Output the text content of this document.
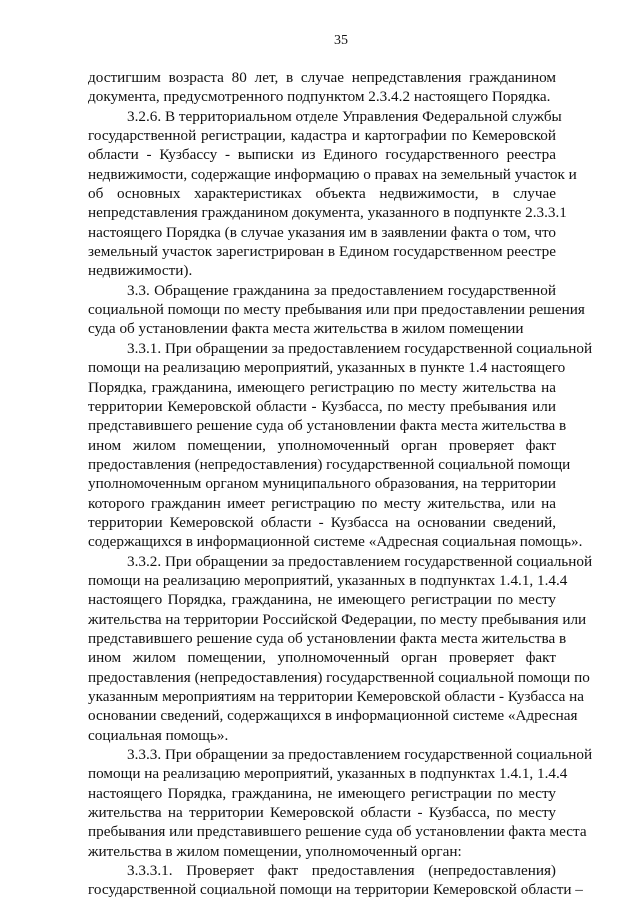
35
достигшим возраста 80 лет, в случае непредставления гражданином
документа, предусмотренного подпунктом 2.3.4.2 настоящего Порядка.
3.2.6. В территориальном отделе Управления Федеральной службы
государственной регистрации, кадастра и картографии по Кемеровской
области - Кузбассу - выписки из Единого государственного реестра
недвижимости, содержащие информацию о правах на земельный участок и
об основных характеристиках объекта недвижимости, в случае
непредставления гражданином документа, указанного в подпункте 2.3.3.1
настоящего Порядка (в случае указания им в заявлении факта о том, что
земельный участок зарегистрирован в Едином государственном реестре
недвижимости).
3.3. Обращение гражданина за предоставлением государственной
социальной помощи по месту пребывания или при предоставлении решения
суда об установлении факта места жительства в жилом помещении
3.3.1. При обращении за предоставлением государственной социальной
помощи на реализацию мероприятий, указанных в пункте 1.4 настоящего
Порядка, гражданина, имеющего регистрацию по месту жительства на
территории Кемеровской области - Кузбасса, по месту пребывания или
представившего решение суда об установлении факта места жительства в
ином жилом помещении, уполномоченный орган проверяет факт
предоставления (непредоставления) государственной социальной помощи
уполномоченным органом муниципального образования, на территории
которого гражданин имеет регистрацию по месту жительства, или на
территории Кемеровской области - Кузбасса на основании сведений,
содержащихся в информационной системе «Адресная социальная помощь».
3.3.2. При обращении за предоставлением государственной социальной
помощи на реализацию мероприятий, указанных в подпунктах 1.4.1, 1.4.4
настоящего Порядка, гражданина, не имеющего регистрации по месту
жительства на территории Российской Федерации, по месту пребывания или
представившего решение суда об установлении факта места жительства в
ином жилом помещении, уполномоченный орган проверяет факт
предоставления (непредоставления) государственной социальной помощи по
указанным мероприятиям на территории Кемеровской области - Кузбасса на
основании сведений, содержащихся в информационной системе «Адресная
социальная помощь».
3.3.3. При обращении за предоставлением государственной социальной
помощи на реализацию мероприятий, указанных в подпунктах 1.4.1, 1.4.4
настоящего Порядка, гражданина, не имеющего регистрации по месту
жительства на территории Кемеровской области - Кузбасса, по месту
пребывания или представившего решение суда об установлении факта места
жительства в жилом помещении, уполномоченный орган:
3.3.3.1. Проверяет факт предоставления (непредоставления)
государственной социальной помощи на территории Кемеровской области –
